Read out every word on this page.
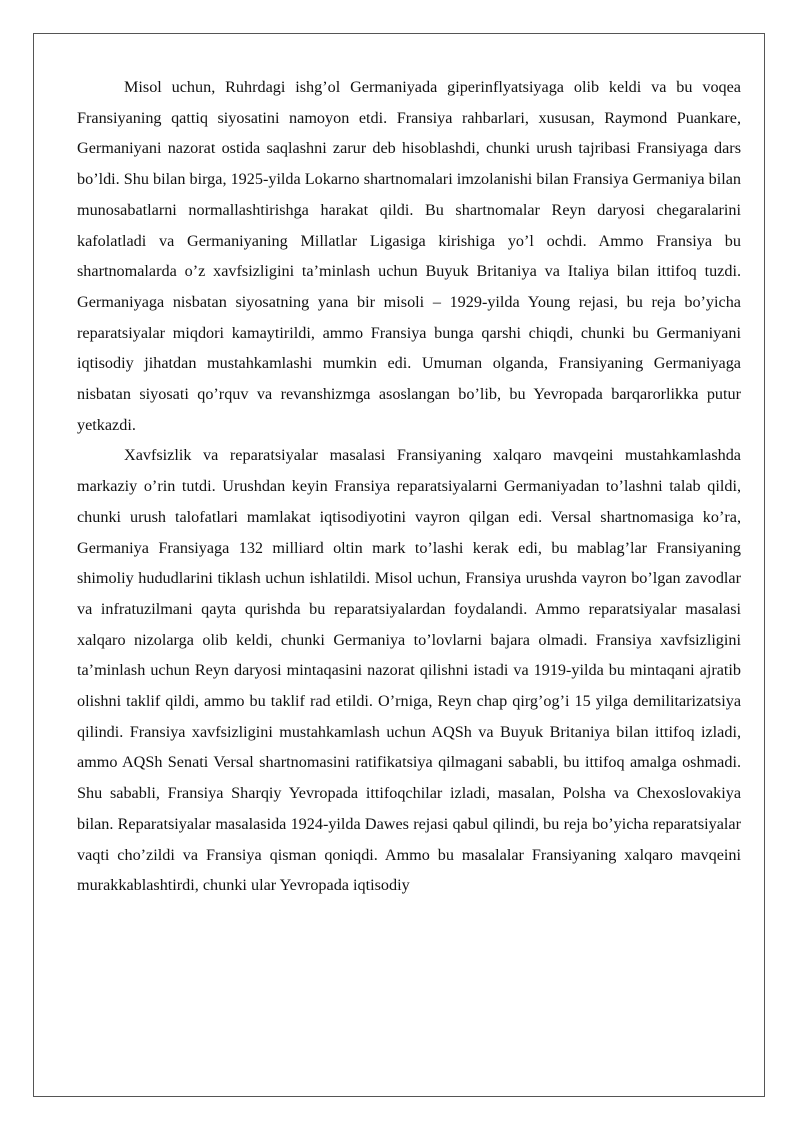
Misol uchun, Ruhrdagi ishg’ol Germaniyada giperinflyatsiyaga olib keldi va bu voqea Fransiyaning qattiq siyosatini namoyon etdi. Fransiya rahbarlari, xususan, Raymond Puankare, Germaniyani nazorat ostida saqlashni zarur deb hisoblashdi, chunki urush tajribasi Fransiyaga dars bo’ldi. Shu bilan birga, 1925-yilda Lokarno shartnomalari imzolanishi bilan Fransiya Germaniya bilan munosabatlarni normallashtirishga harakat qildi. Bu shartnomalar Reyn daryosi chegaralarini kafolatladi va Germaniyaning Millatlar Ligasiga kirishiga yo’l ochdi. Ammo Fransiya bu shartnomalarda o’z xavfsizligini ta’minlash uchun Buyuk Britaniya va Italiya bilan ittifoq tuzdi. Germaniyaga nisbatan siyosatning yana bir misoli – 1929-yilda Young rejasi, bu reja bo’yicha reparatsiyalar miqdori kamaytirildi, ammo Fransiya bunga qarshi chiqdi, chunki bu Germaniyani iqtisodiy jihatdan mustahkamlashi mumkin edi. Umuman olganda, Fransiyaning Germaniyaga nisbatan siyosati qo’rquv va revanshizmga asoslangan bo’lib, bu Yevropada barqarorlikka putur yetkazdi.

Xavfsizlik va reparatsiyalar masalasi Fransiyaning xalqaro mavqeini mustahkamlashda markaziy o’rin tutdi. Urushdan keyin Fransiya reparatsiyalarni Germaniyadan to’lashni talab qildi, chunki urush talofatlari mamlakat iqtisodiyotini vayron qilgan edi. Versal shartnomasiga ko’ra, Germaniya Fransiyaga 132 milliard oltin mark to’lashi kerak edi, bu mablag’lar Fransiyaning shimoliy hududlarini tiklash uchun ishlatildi. Misol uchun, Fransiya urushda vayron bo’lgan zavodlar va infratuzilmani qayta qurishda bu reparatsiyalardan foydalandi. Ammo reparatsiyalar masalasi xalqaro nizolarga olib keldi, chunki Germaniya to’lovlarni bajara olmadi. Fransiya xavfsizligini ta’minlash uchun Reyn daryosi mintaqasini nazorat qilishni istadi va 1919-yilda bu mintaqani ajratib olishni taklif qildi, ammo bu taklif rad etildi. O’rniga, Reyn chap qirg’og’i 15 yilga demilitarizatsiya qilindi. Fransiya xavfsizligini mustahkamlash uchun AQSh va Buyuk Britaniya bilan ittifoq izladi, ammo AQSh Senati Versal shartnomasini ratifikatsiya qilmagani sababli, bu ittifoq amalga oshmadi. Shu sababli, Fransiya Sharqiy Yevropada ittifoqchilar izladi, masalan, Polsha va Chexoslovakiya bilan. Reparatsiyalar masalasida 1924-yilda Dawes rejasi qabul qilindi, bu reja bo’yicha reparatsiyalar vaqti cho’zildi va Fransiya qisman qoniqdi. Ammo bu masalalar Fransiyaning xalqaro mavqeini murakkablashtirdi, chunki ular Yevropada iqtisodiy
